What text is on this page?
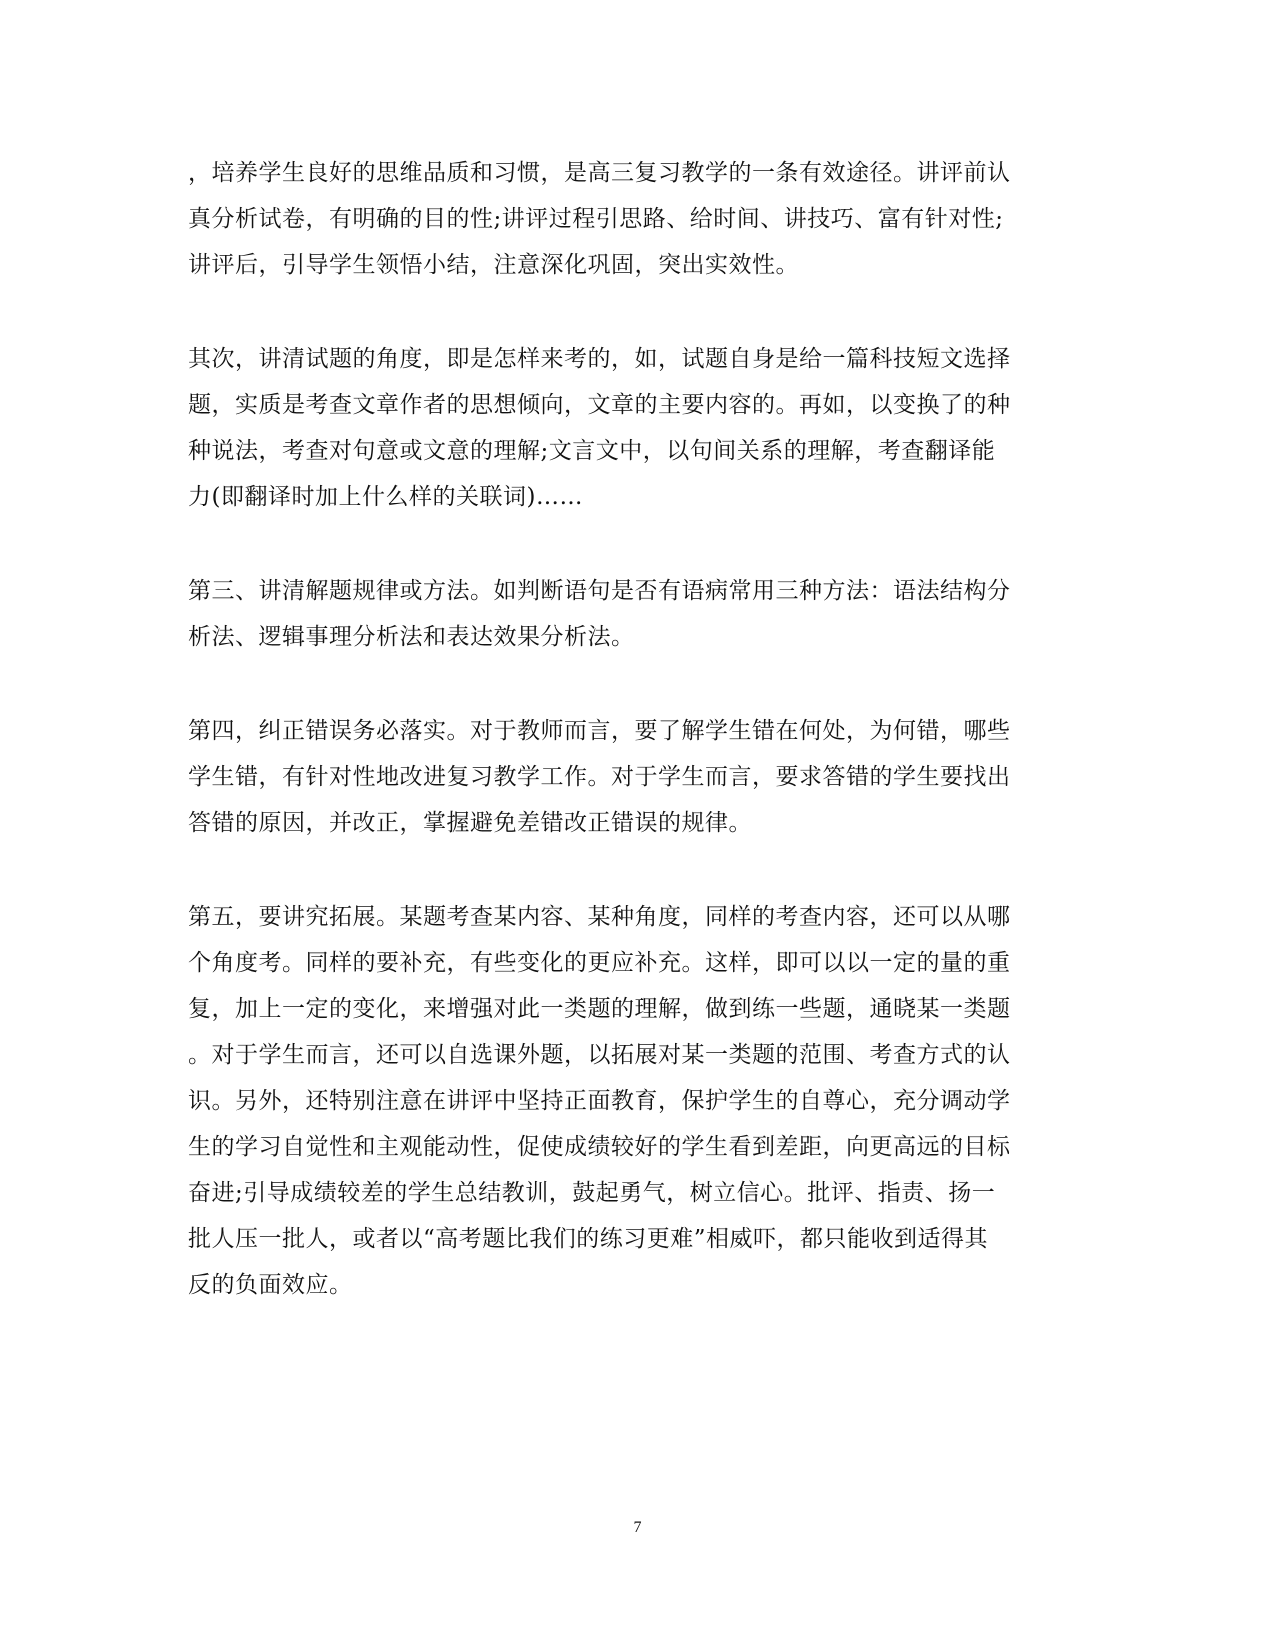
，培养学生良好的思维品质和习惯，是高三复习教学的一条有效途径。讲评前认
真分析试卷，有明确的目的性;讲评过程引思路、给时间、讲技巧、富有针对性;
讲评后，引导学生领悟小结，注意深化巩固，突出实效性。
其次，讲清试题的角度，即是怎样来考的，如，试题自身是给一篇科技短文选择
题，实质是考查文章作者的思想倾向，文章的主要内容的。再如，以变换了的种
种说法，考查对句意或文意的理解;文言文中，以句间关系的理解，考查翻译能
力(即翻译时加上什么样的关联词)……
第三、讲清解题规律或方法。如判断语句是否有语病常用三种方法：语法结构分
析法、逻辑事理分析法和表达效果分析法。
第四，纠正错误务必落实。对于教师而言，要了解学生错在何处，为何错，哪些
学生错，有针对性地改进复习教学工作。对于学生而言，要求答错的学生要找出
答错的原因，并改正，掌握避免差错改正错误的规律。
第五，要讲究拓展。某题考查某内容、某种角度，同样的考查内容，还可以从哪
个角度考。同样的要补充，有些变化的更应补充。这样，即可以以一定的量的重
复，加上一定的变化，来增强对此一类题的理解，做到练一些题，通晓某一类题
。对于学生而言，还可以自选课外题，以拓展对某一类题的范围、考查方式的认
识。另外，还特别注意在讲评中坚持正面教育，保护学生的自尊心，充分调动学
生的学习自觉性和主观能动性，促使成绩较好的学生看到差距，向更高远的目标
奋进;引导成绩较差的学生总结教训，鼓起勇气，树立信心。批评、指责、扬一
批人压一批人，或者以“高考题比我们的练习更难”相威吓，都只能收到适得其
反的负面效应。
7
